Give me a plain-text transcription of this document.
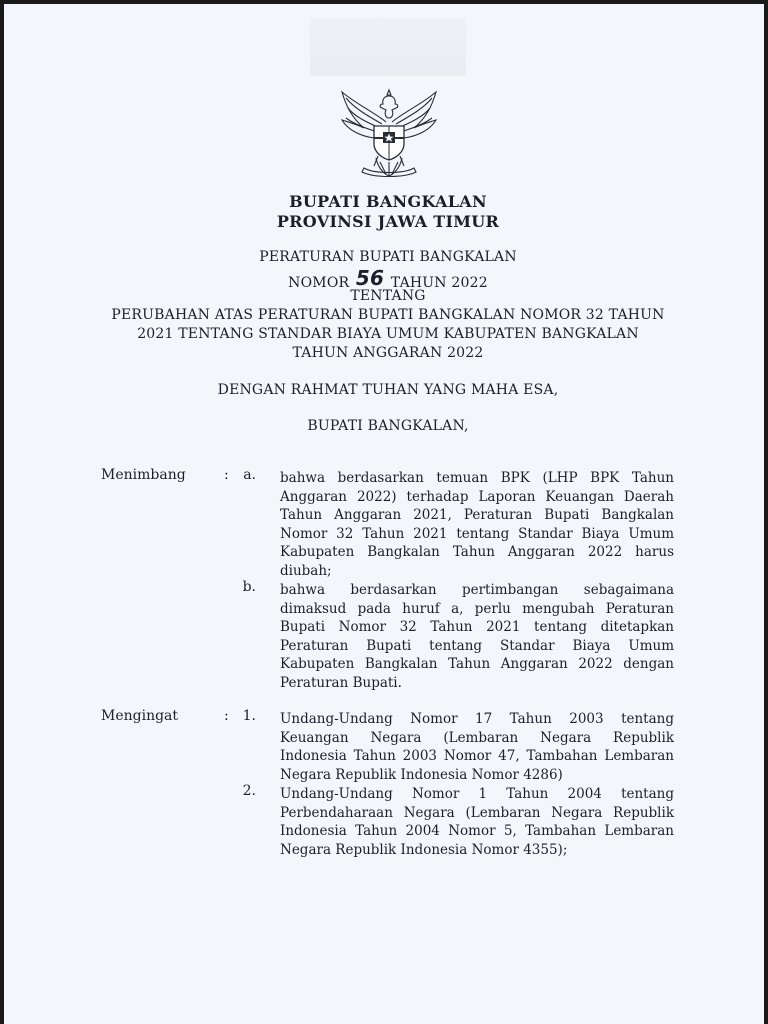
BUPATI BANGKALAN
PROVINSI JAWA TIMUR
PERATURAN BUPATI BANGKALAN
NOMOR 56 TAHUN 2022
TENTANG
PERUBAHAN ATAS PERATURAN BUPATI BANGKALAN NOMOR 32 TAHUN
2021 TENTANG STANDAR BIAYA UMUM KABUPATEN BANGKALAN
TAHUN ANGGARAN 2022
DENGAN RAHMAT TUHAN YANG MAHA ESA,
BUPATI BANGKALAN,
Menimbang	:	a. bahwa berdasarkan temuan BPK (LHP BPK Tahun Anggaran 2022) terhadap Laporan Keuangan Daerah Tahun Anggaran 2021, Peraturan Bupati Bangkalan Nomor 32 Tahun 2021 tentang Standar Biaya Umum Kabupaten Bangkalan Tahun Anggaran 2022 harus diubah;
b. bahwa berdasarkan pertimbangan sebagaimana dimaksud pada huruf a, perlu mengubah Peraturan Bupati Nomor 32 Tahun 2021 tentang ditetapkan Peraturan Bupati tentang Standar Biaya Umum Kabupaten Bangkalan Tahun Anggaran 2022 dengan Peraturan Bupati.
Mengingat	: 1. Undang-Undang Nomor 17 Tahun 2003 tentang Keuangan Negara (Lembaran Negara Republik Indonesia Tahun 2003 Nomor 47, Tambahan Lembaran Negara Republik Indonesia Nomor 4286)
2. Undang-Undang Nomor 1 Tahun 2004 tentang Perbendaharaan Negara (Lembaran Negara Republik Indonesia Tahun 2004 Nomor 5, Tambahan Lembaran Negara Republik Indonesia Nomor 4355);
